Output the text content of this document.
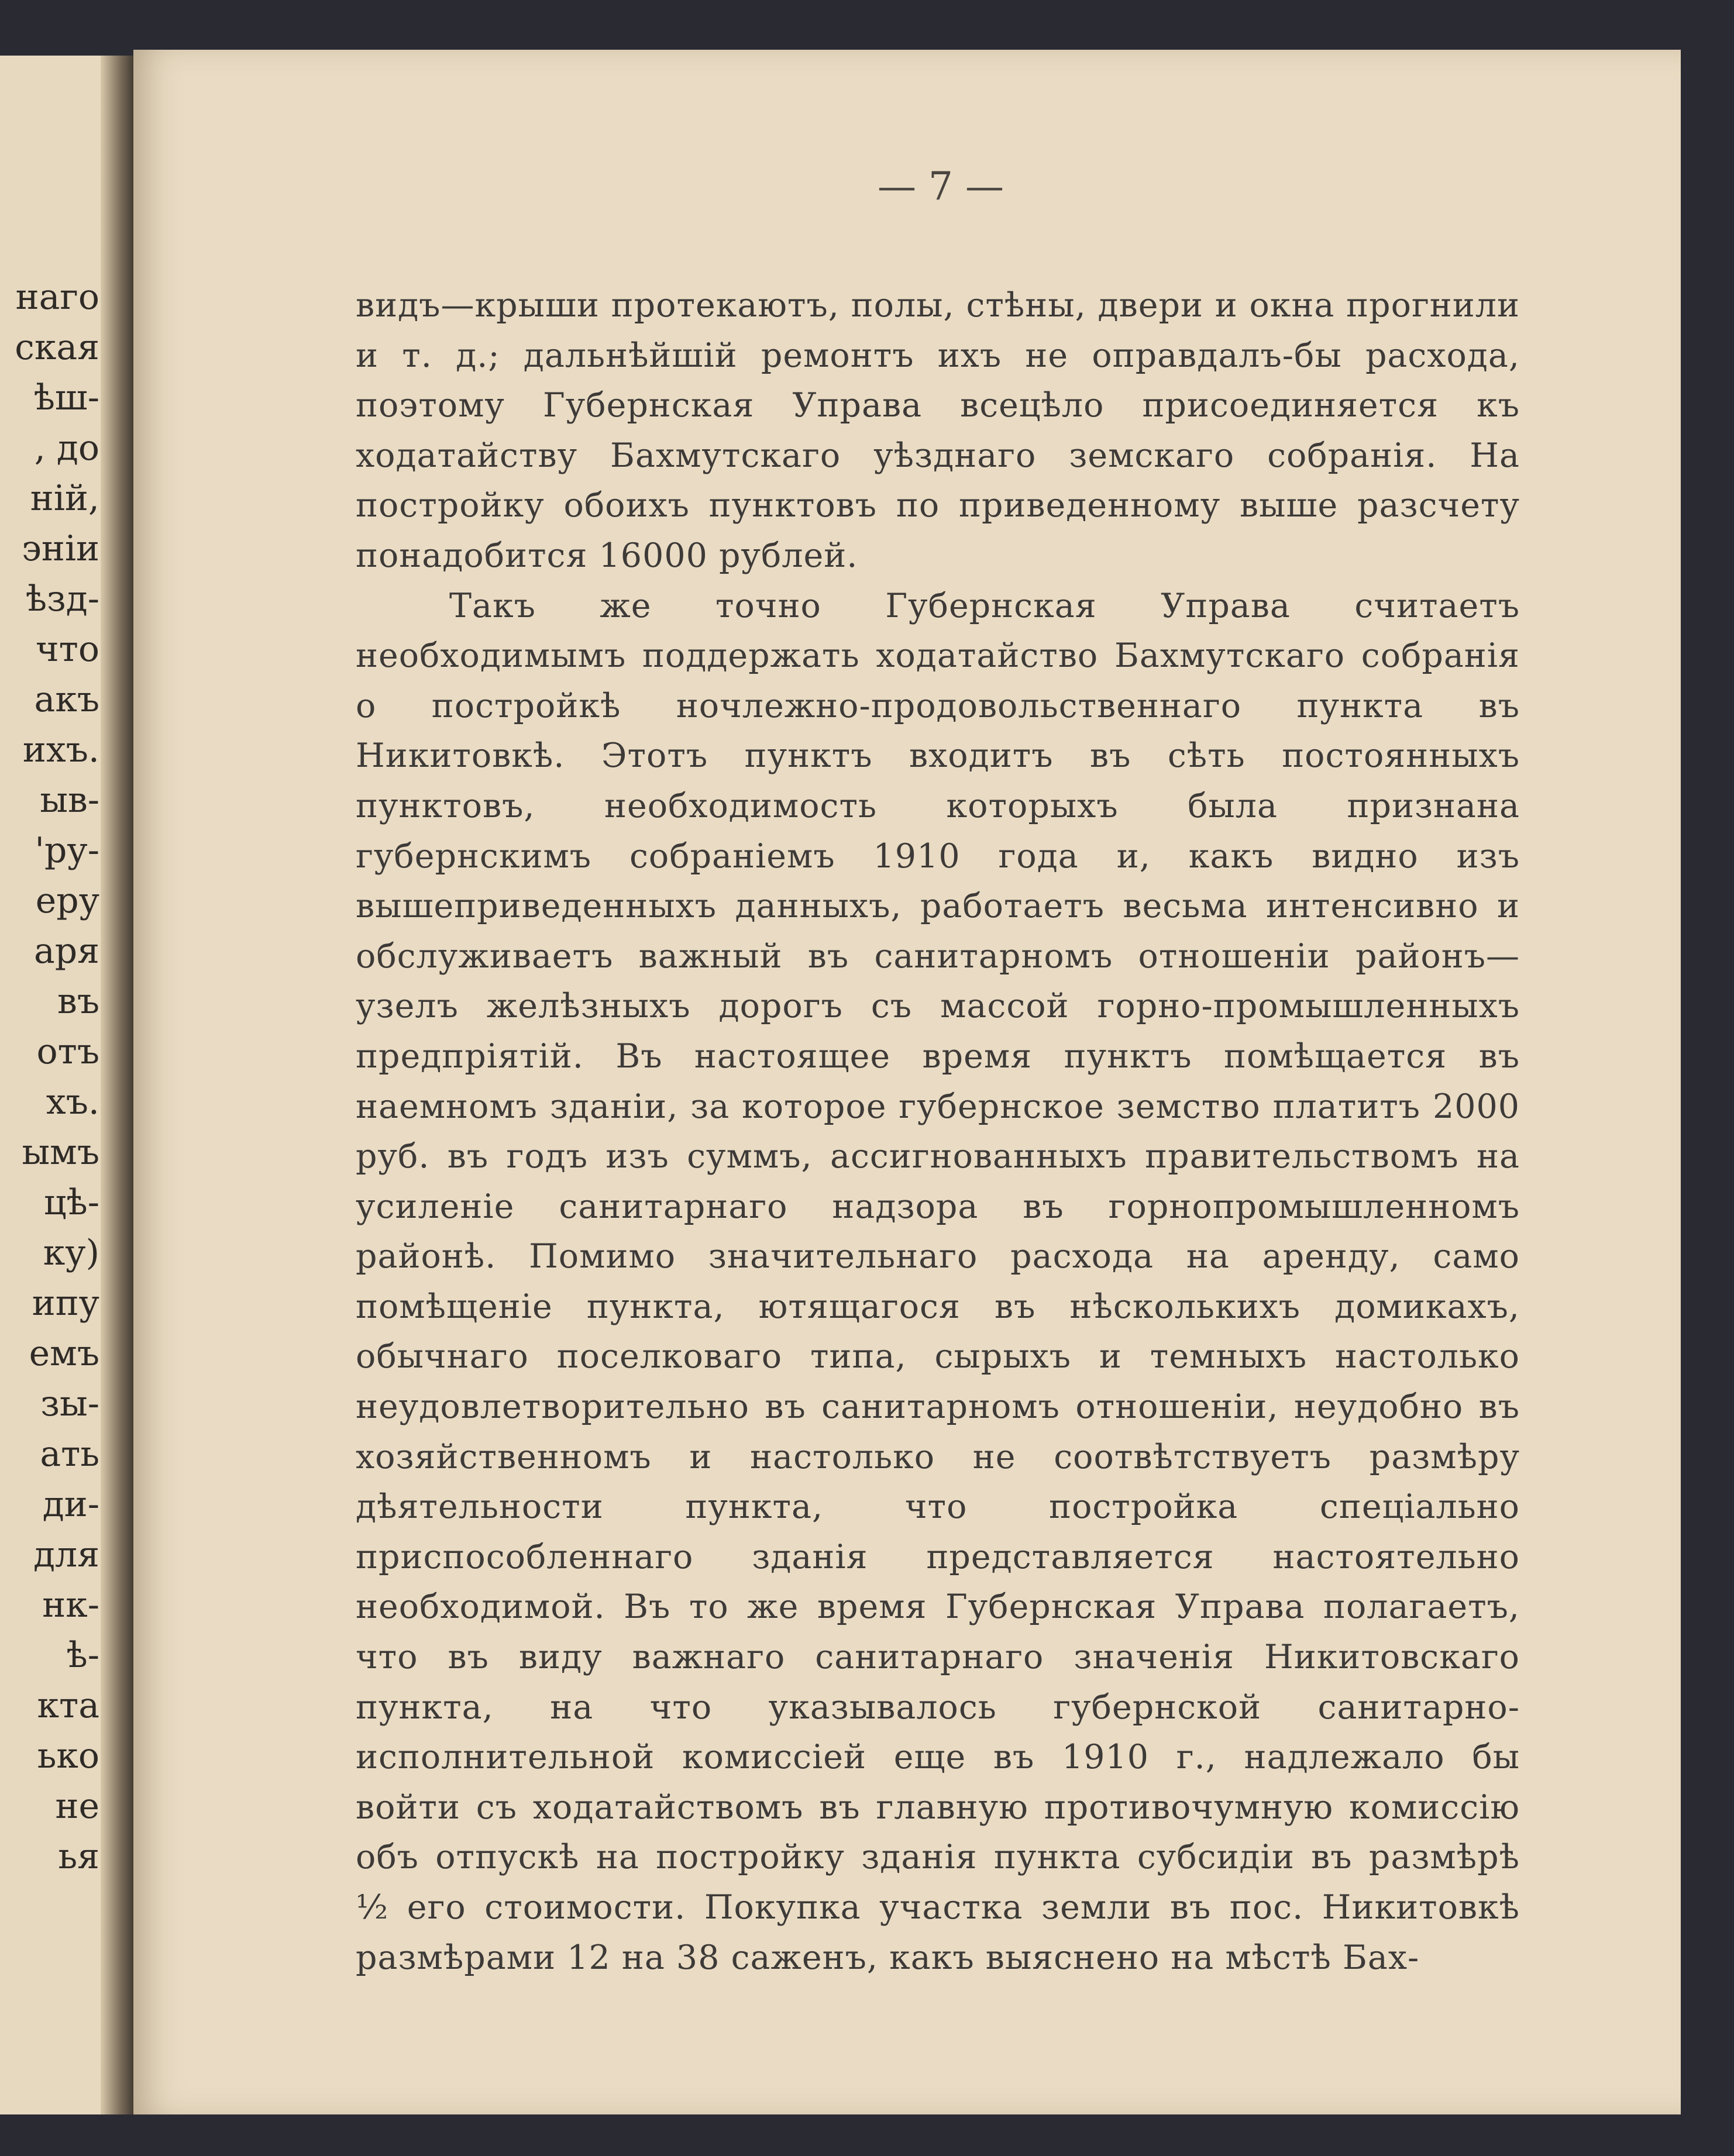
наго
ская
ѣш-
, до
ній,
эніи
ѣзд-
что
акъ
ихъ.
ыв-
'ру-
еру
аря
въ
отъ
хъ.
ымъ
цѣ-
ку)
ипу
емъ
зы-
ать
ди-
для
нк-
ѣ-
кта
ько
не
ья
— 7 —

видъ—крыши протекаютъ, полы, стѣны, двери и окна прогнили и т. д.; дальнѣйшій ремонтъ ихъ не оправдалъ-бы расхода, поэтому Губернская Управа всецѣло присоединяется къ ходатайству Бахмутскаго уѣзднаго земскаго собранія. На постройку обоихъ пунктовъ по приведенному выше разсчету понадобится 16000 рублей.

Такъ же точно Губернская Управа считаетъ необходимымъ поддержать ходатайство Бахмутскаго собранія о постройкѣ ночлежно-продовольственнаго пункта въ Никитовкѣ. Этотъ пунктъ входитъ въ сѣть постоянныхъ пунктовъ, необходимость которыхъ была признана губернскимъ собраніемъ 1910 года и, какъ видно изъ вышеприведенныхъ данныхъ, работаетъ весьма интенсивно и обслуживаетъ важный въ санитарномъ отношеніи районъ—узелъ желѣзныхъ дорогъ съ массой горно-промышленныхъ предпріятій. Въ настоящее время пунктъ помѣщается въ наемномъ зданіи, за которое губернское земство платитъ 2000 руб. въ годъ изъ суммъ, ассигнованныхъ правительствомъ на усиленіе санитарнаго надзора въ горнопромышленномъ районѣ. Помимо значительнаго расхода на аренду, само помѣщеніе пункта, ютящагося въ нѣсколькихъ домикахъ, обычнаго поселковаго типа, сырыхъ и темныхъ настолько неудовлетворительно въ санитарномъ отношеніи, неудобно въ хозяйственномъ и настолько не соотвѣтствуетъ размѣру дѣятельности пункта, что постройка спеціально приспособленнаго зданія представляется настоятельно необходимой. Въ то же время Губернская Управа полагаетъ, что въ виду важнаго санитарнаго значенія Никитовскаго пункта, на что указывалось губернской санитарно-исполнительной комиссіей еще въ 1910 г., надлежало бы войти съ ходатайствомъ въ главную противочумную комиссію объ отпускѣ на постройку зданія пункта субсидіи въ размѣрѣ ½ его стоимости. Покупка участка земли въ пос. Никитовкѣ размѣрами 12 на 38 саженъ, какъ выяснено на мѣстѣ Бах-
